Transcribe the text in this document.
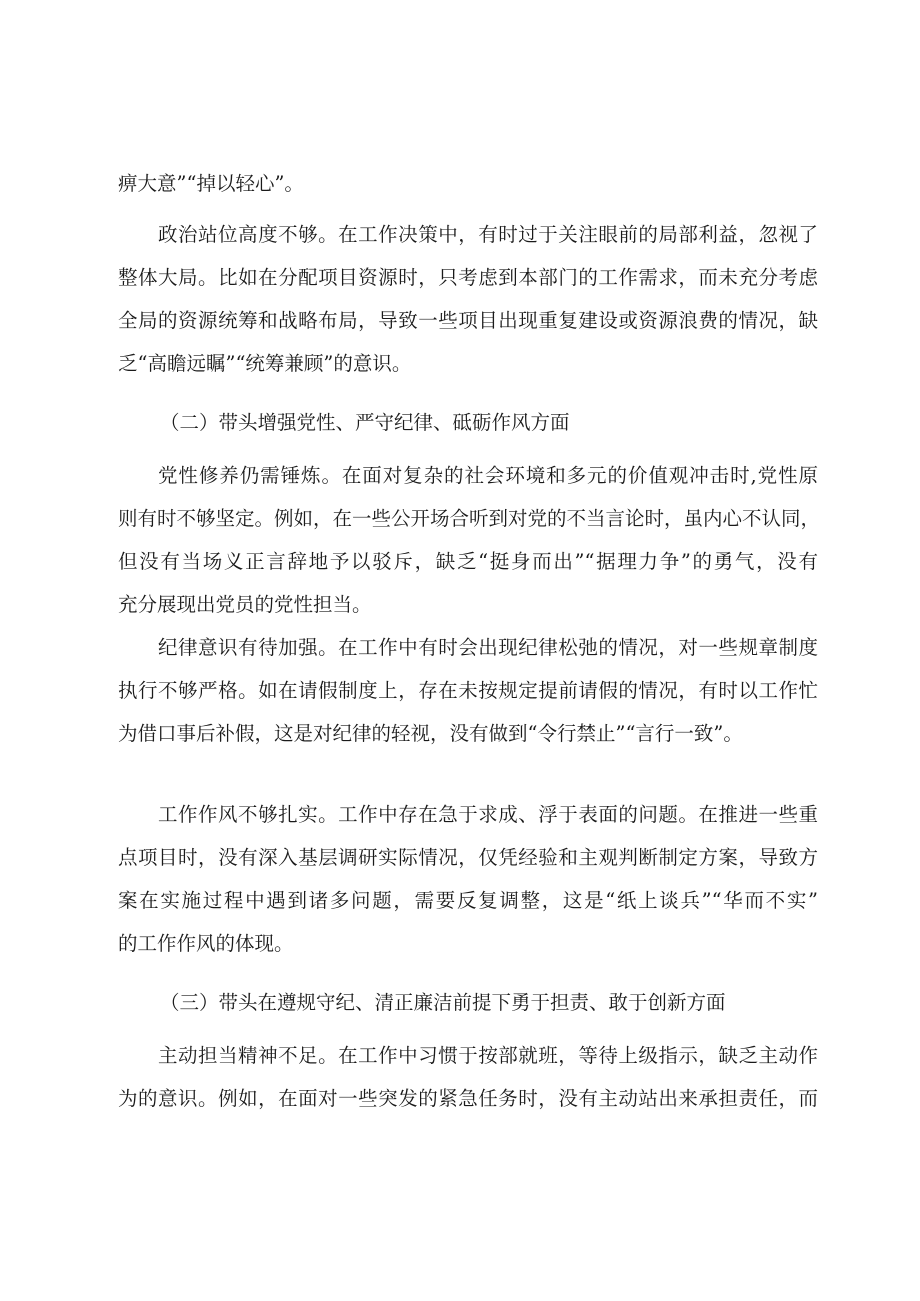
痹大意”“掉以轻心”。
政治站位高度不够。在工作决策中，有时过于关注眼前的局部利益，忽视了
整体大局。比如在分配项目资源时，只考虑到本部门的工作需求，而未充分考虑
全局的资源统筹和战略布局，导致一些项目出现重复建设或资源浪费的情况，缺
乏“高瞻远瞩”“统筹兼顾”的意识。
（二）带头增强党性、严守纪律、砥砺作风方面
党性修养仍需锤炼。在面对复杂的社会环境和多元的价值观冲击时,党性原
则有时不够坚定。例如，在一些公开场合听到对党的不当言论时，虽内心不认同，
但没有当场义正言辞地予以驳斥，缺乏“挺身而出”“据理力争”的勇气，没有
充分展现出党员的党性担当。
纪律意识有待加强。在工作中有时会出现纪律松弛的情况，对一些规章制度
执行不够严格。如在请假制度上，存在未按规定提前请假的情况，有时以工作忙
为借口事后补假，这是对纪律的轻视，没有做到“令行禁止”“言行一致”。
工作作风不够扎实。工作中存在急于求成、浮于表面的问题。在推进一些重
点项目时，没有深入基层调研实际情况，仅凭经验和主观判断制定方案，导致方
案在实施过程中遇到诸多问题，需要反复调整，这是“纸上谈兵”“华而不实”
的工作作风的体现。
（三）带头在遵规守纪、清正廉洁前提下勇于担责、敢于创新方面
主动担当精神不足。在工作中习惯于按部就班，等待上级指示，缺乏主动作
为的意识。例如，在面对一些突发的紧急任务时，没有主动站出来承担责任，而
